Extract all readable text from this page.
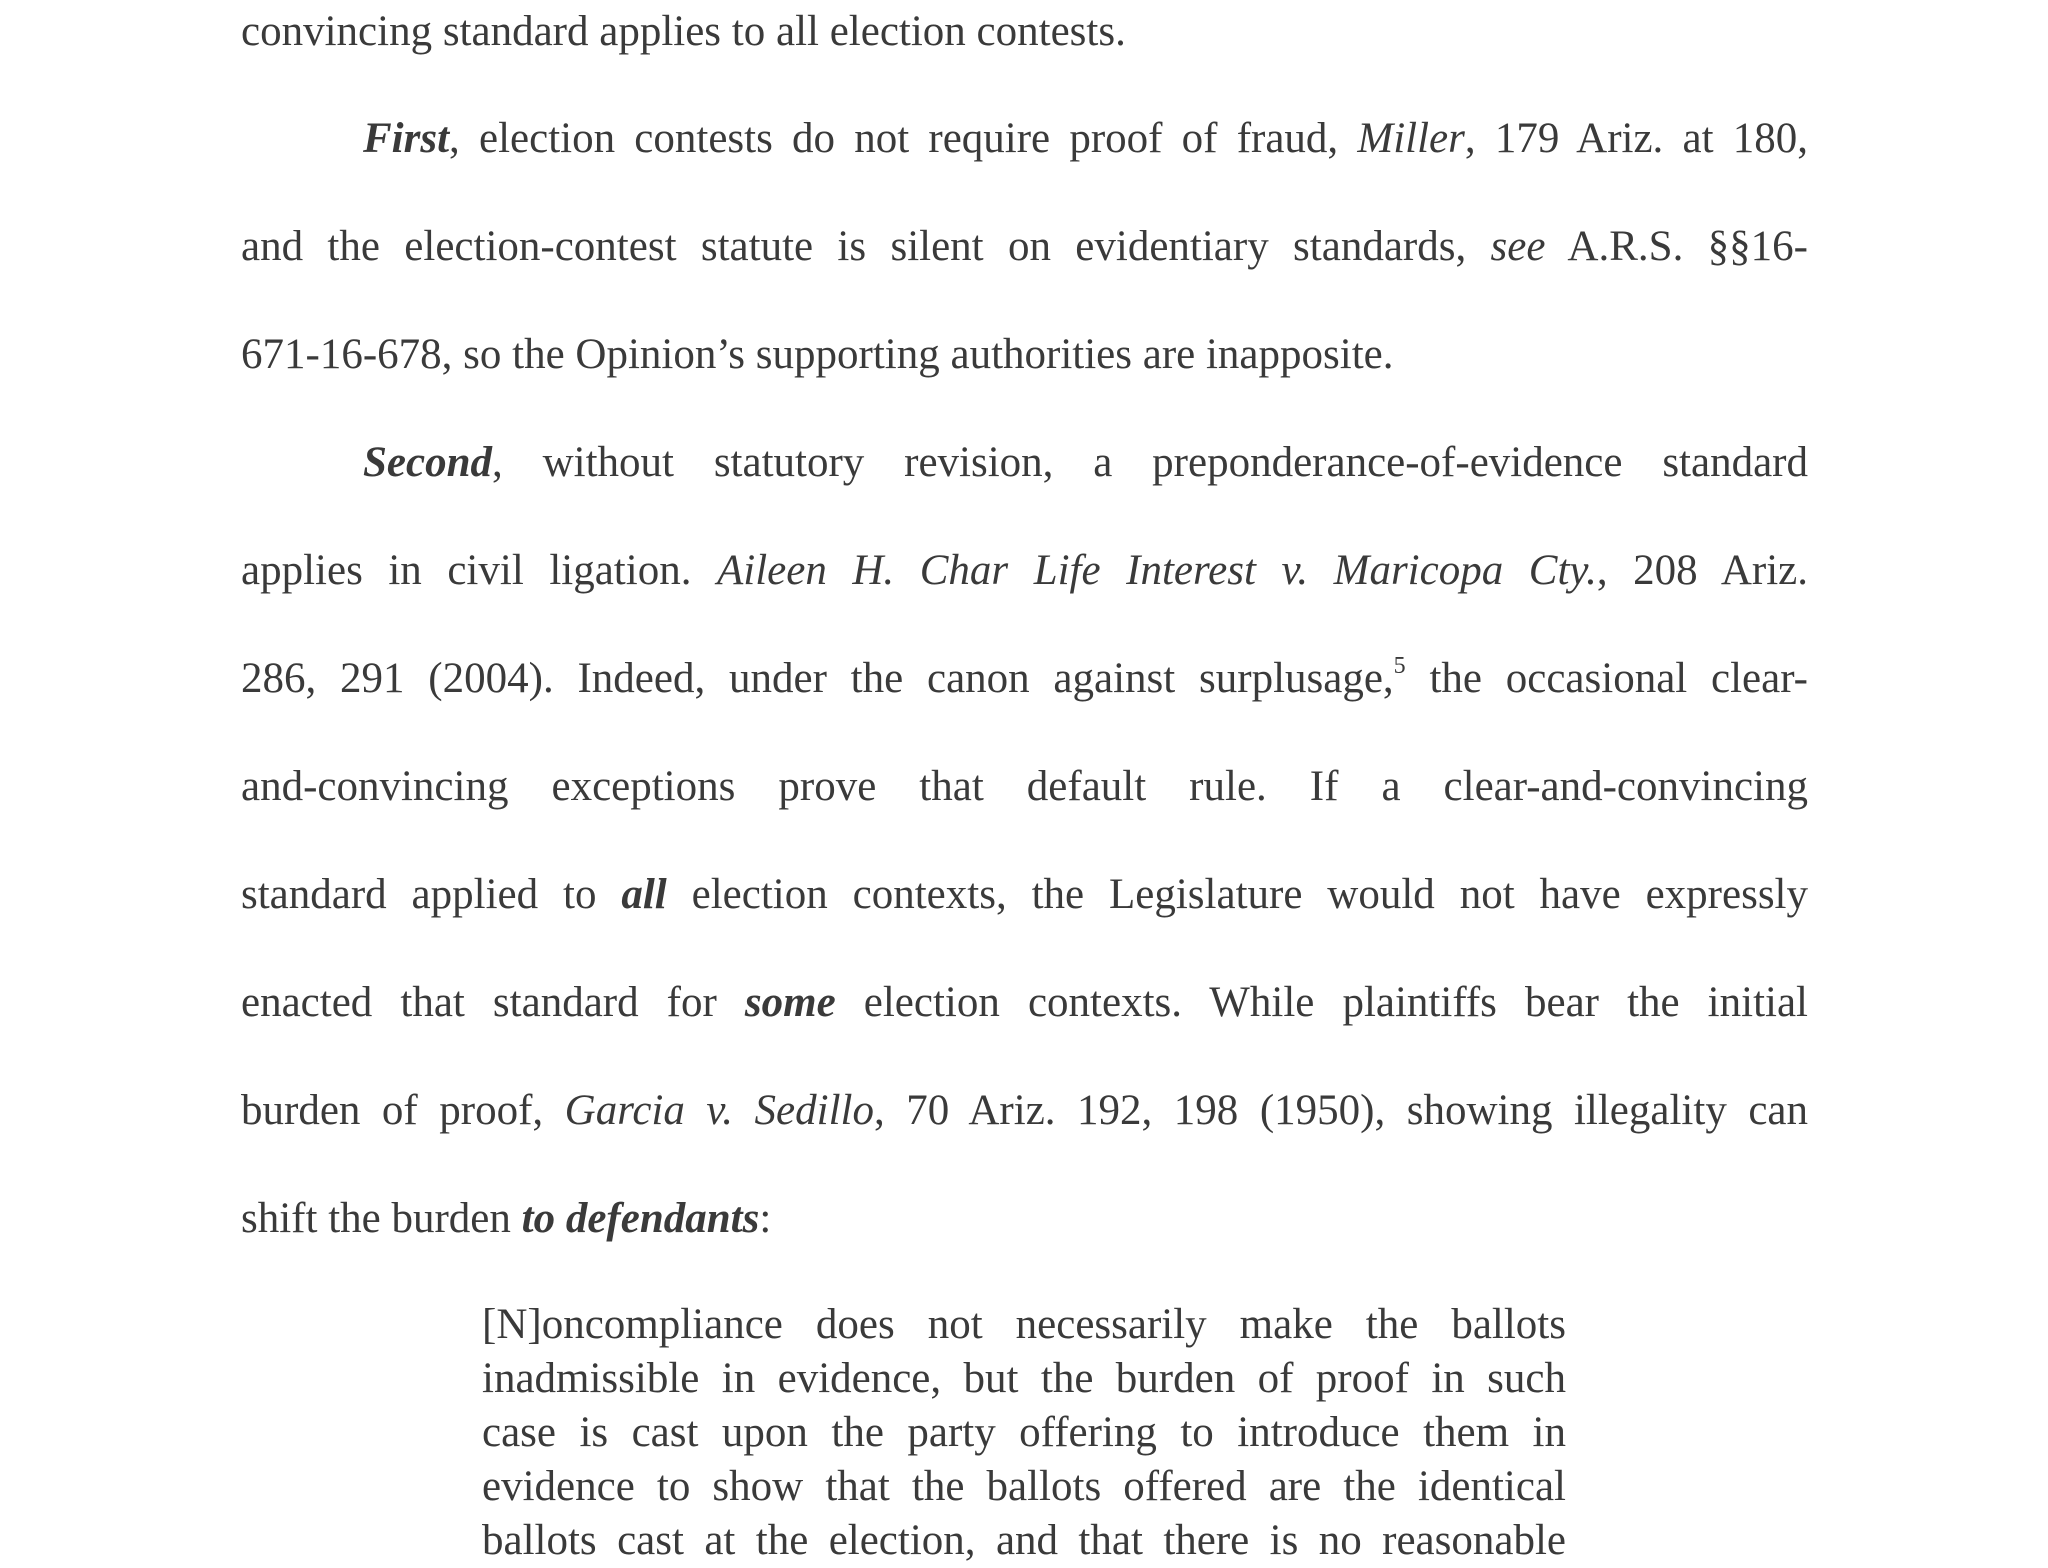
convincing standard applies to all election contests.
First, election contests do not require proof of fraud, Miller, 179 Ariz. at 180,
and the election-contest statute is silent on evidentiary standards, see A.R.S. §§16-
671-16-678, so the Opinion’s supporting authorities are inapposite.
Second, without statutory revision, a preponderance-of-evidence standard
applies in civil ligation. Aileen H. Char Life Interest v. Maricopa Cty., 208 Ariz.
286, 291 (2004). Indeed, under the canon against surplusage,$^5$ the occasional clear-
and-convincing exceptions prove that default rule. If a clear-and-convincing
standard applied to all election contexts, the Legislature would not have expressly
enacted that standard for some election contexts. While plaintiffs bear the initial
burden of proof, Garcia v. Sedillo, 70 Ariz. 192, 198 (1950), showing illegality can
shift the burden to defendants:
[N]oncompliance does not necessarily make the ballots
inadmissible in evidence, but the burden of proof in such
case is cast upon the party offering to introduce them in
evidence to show that the ballots offered are the identical
ballots cast at the election, and that there is no reasonable
